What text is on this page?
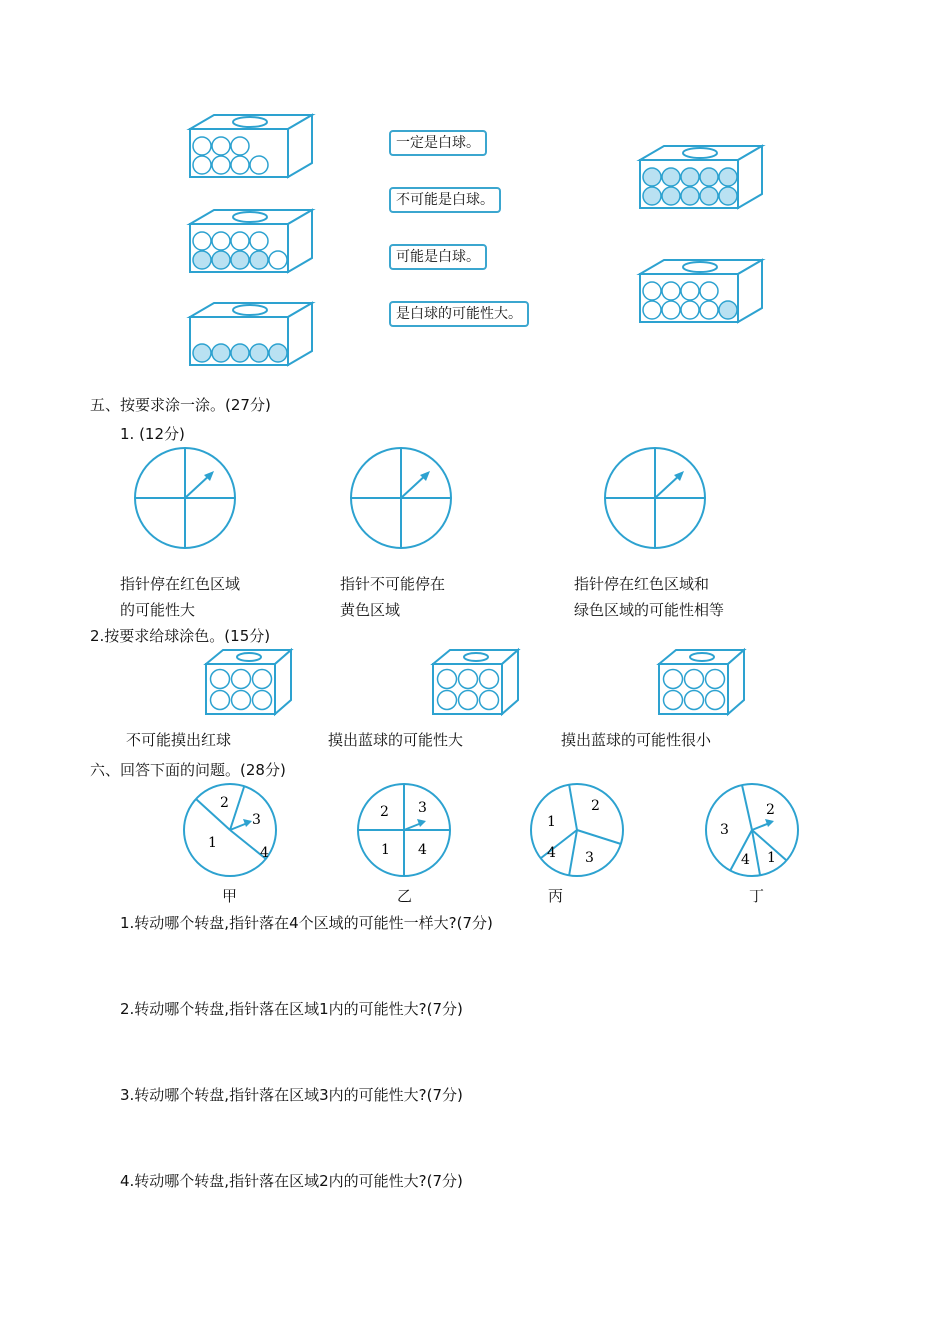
一定是白球。
不可能是白球。
可能是白球。
是白球的可能性大。
五、按要求涂一涂。(27分)
1. (12分)
指针停在红色区域
的可能性大
指针不可能停在
黄色区域
指针停在红色区域和
绿色区域的可能性相等
2.按要求给球涂色。(15分)
不可能摸出红球	摸出蓝球的可能性大	摸出蓝球的可能性很小
六、回答下面的问题。(28分)
1
2
3
4
甲
2 3
1 4
乙
1
2
4 3
丙
3
2
4 1
丁
1.转动哪个转盘,指针落在4个区域的可能性一样大?(7分)
2.转动哪个转盘,指针落在区域1内的可能性大?(7分)
3.转动哪个转盘,指针落在区域3内的可能性大?(7分)
4.转动哪个转盘,指针落在区域2内的可能性大?(7分)
